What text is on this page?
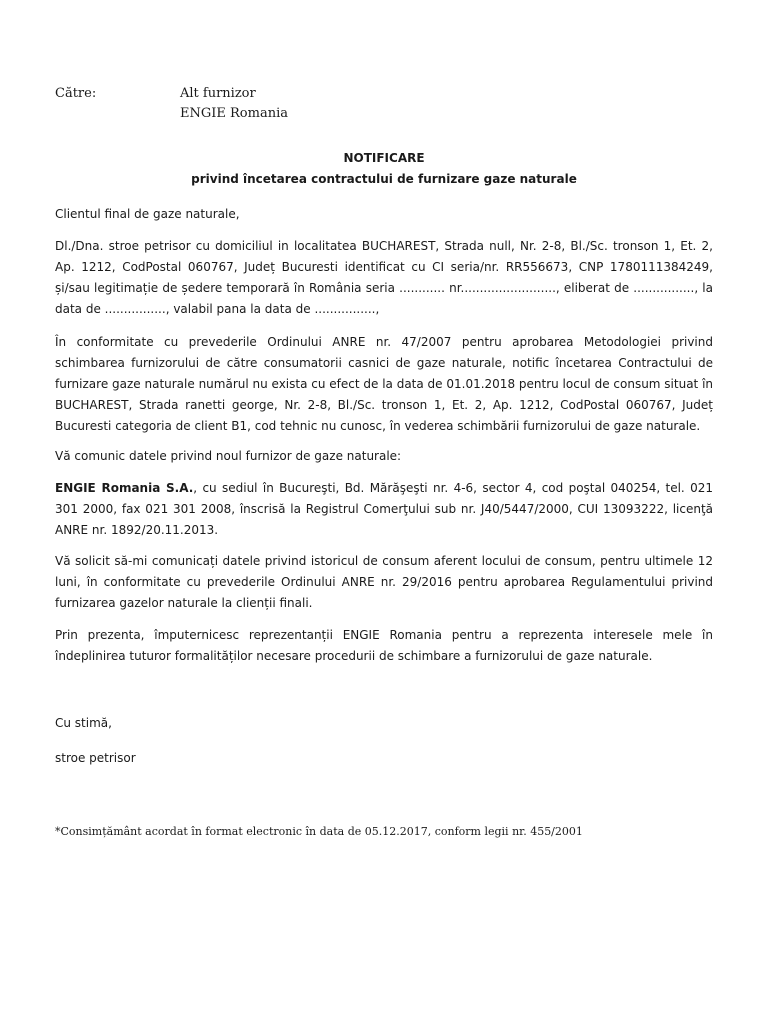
Către:	Alt furnizor
ENGIE Romania
NOTIFICARE
privind încetarea contractului de furnizare gaze naturale

Clientul final de gaze naturale,

Dl./Dna. stroe petrisor cu domiciliul in localitatea BUCHAREST, Strada null, Nr. 2-8, Bl./Sc. tronson 1, Et. 2, Ap. 1212, CodPostal 060767, Județ Bucuresti identificat cu CI seria/nr. RR556673, CNP 1780111384249, și/sau legitimație de ședere temporară în România seria ............ nr........................., eliberat de ................, la data de ................, valabil pana la data de ................,

În conformitate cu prevederile Ordinului ANRE nr. 47/2007 pentru aprobarea Metodologiei privind schimbarea furnizorului de către consumatorii casnici de gaze naturale, notific încetarea Contractului de furnizare gaze naturale numărul nu exista cu efect de la data de 01.01.2018 pentru locul de consum situat în BUCHAREST, Strada ranetti george, Nr. 2-8, Bl./Sc. tronson 1, Et. 2, Ap. 1212, CodPostal 060767, Județ Bucuresti categoria de client B1, cod tehnic nu cunosc, în vederea schimbării furnizorului de gaze naturale.

Vă comunic datele privind noul furnizor de gaze naturale:

ENGIE Romania S.A., cu sediul în Bucureşti, Bd. Mărăşeşti nr. 4-6, sector 4, cod poştal 040254, tel. 021 301 2000, fax 021 301 2008, înscrisă la Registrul Comerţului sub nr. J40/5447/2000, CUI 13093222, licenţă ANRE nr. 1892/20.11.2013.

Vă solicit să-mi comunicați datele privind istoricul de consum aferent locului de consum, pentru ultimele 12 luni, în conformitate cu prevederile Ordinului ANRE nr. 29/2016 pentru aprobarea Regulamentului privind furnizarea gazelor naturale la clienții finali.

Prin prezenta, împuternicesc reprezentanții ENGIE Romania pentru a reprezenta interesele mele în îndeplinirea tuturor formalităților necesare procedurii de schimbare a furnizorului de gaze naturale.

Cu stimă,

stroe petrisor

*Consimțământ acordat în format electronic în data de 05.12.2017, conform legii nr. 455/2001
